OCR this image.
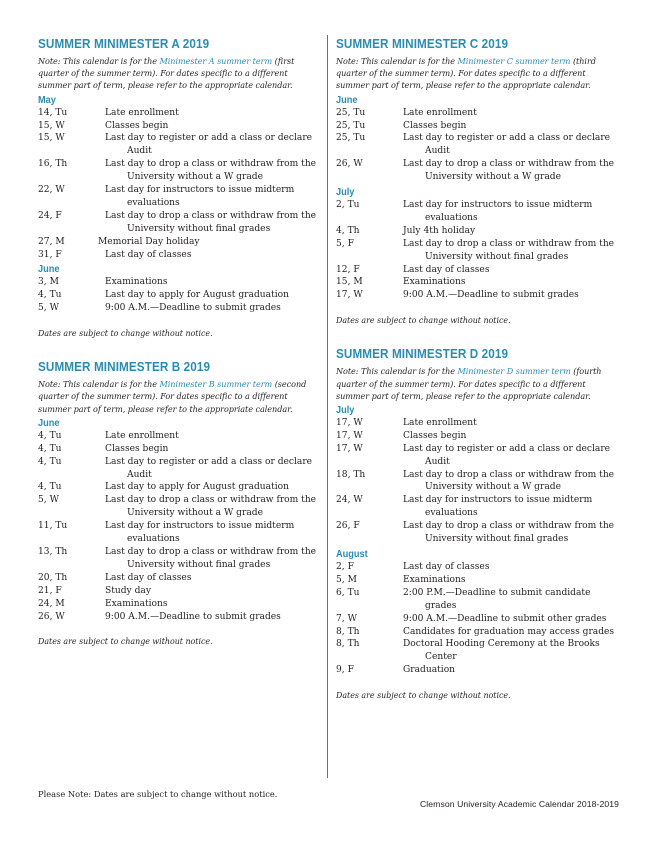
SUMMER MINIMESTER A 2019

Note: This calendar is for the Minimester A summer term (first quarter of the summer term). For dates specific to a different summer part of term, please refer to the appropriate calendar.

May
14, Tu	Late enrollment
15, W	Classes begin
15, W	Last day to register or add a class or declare Audit
16, Th	Last day to drop a class or withdraw from the University without a W grade
22, W	Last day for instructors to issue midterm evaluations
24, F	Last day to drop a class or withdraw from the University without final grades
27, M	Memorial Day holiday
31, F	Last day of classes
June
3, M	Examinations
4, Tu	Last day to apply for August graduation
5, W	9:00 A.M.—Deadline to submit grades
Dates are subject to change without notice.
SUMMER MINIMESTER B 2019

Note: This calendar is for the Minimester B summer term (second quarter of the summer term). For dates specific to a different summer part of term, please refer to the appropriate calendar.

June
4, Tu	Late enrollment
4, Tu	Classes begin
4, Tu	Last day to register or add a class or declare Audit
4, Tu	Last day to apply for August graduation
5, W	Last day to drop a class or withdraw from the University without a W grade
11, Tu	Last day for instructors to issue midterm evaluations
13, Th	Last day to drop a class or withdraw from the University without final grades
20, Th	Last day of classes
21, F	Study day
24, M	Examinations
26, W	9:00 A.M.—Deadline to submit grades
Dates are subject to change without notice.
SUMMER MINIMESTER C 2019

Note: This calendar is for the Minimester C summer term (third quarter of the summer term). For dates specific to a different summer part of term, please refer to the appropriate calendar.

June
25, Tu	Late enrollment
25, Tu	Classes begin
25, Tu	Last day to register or add a class or declare Audit
26, W	Last day to drop a class or withdraw from the University without a W grade
July
2, Tu	Last day for instructors to issue midterm evaluations
4, Th	July 4th holiday
5, F	Last day to drop a class or withdraw from the University without final grades
12, F	Last day of classes
15, M	Examinations
17, W	9:00 A.M.—Deadline to submit grades
Dates are subject to change without notice.
SUMMER MINIMESTER D 2019

Note: This calendar is for the Minimester D summer term (fourth quarter of the summer term). For dates specific to a different summer part of term, please refer to the appropriate calendar.

July
17, W	Late enrollment
17, W	Classes begin
17, W	Last day to register or add a class or declare Audit
18, Th	Last day to drop a class or withdraw from the University without a W grade
24, W	Last day for instructors to issue midterm evaluations
26, F	Last day to drop a class or withdraw from the University without final grades
August
2, F	Last day of classes
5, M	Examinations
6, Tu	2:00 P.M.—Deadline to submit candidate grades
7, W	9:00 A.M.—Deadline to submit other grades
8, Th	Candidates for graduation may access grades
8, Th	Doctoral Hooding Ceremony at the Brooks Center
9, F	Graduation
Dates are subject to change without notice.
Please Note: Dates are subject to change without notice.
Clemson University Academic Calendar 2018-2019
